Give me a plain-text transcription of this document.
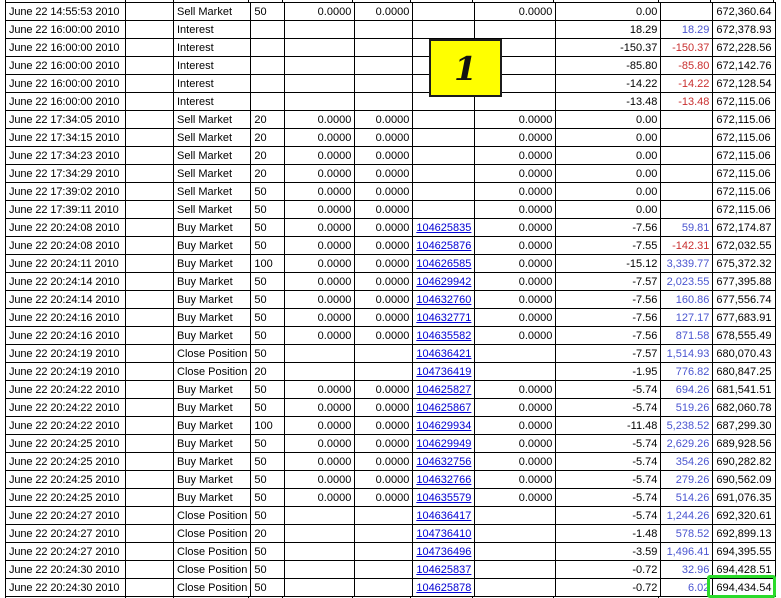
June 22 14:55:53 2010		Sell Market	50	0.0000	0.0000		0.0000	0.00		672,360.64
June 22 16:00:00 2010		Interest						18.29	18.29	672,378.93
June 22 16:00:00 2010		Interest						-150.37	-150.37	672,228.56
June 22 16:00:00 2010		Interest						-85.80	-85.80	672,142.76
June 22 16:00:00 2010		Interest						-14.22	-14.22	672,128.54
June 22 16:00:00 2010		Interest						-13.48	-13.48	672,115.06
June 22 17:34:05 2010		Sell Market	20	0.0000	0.0000		0.0000	0.00		672,115.06
June 22 17:34:15 2010		Sell Market	20	0.0000	0.0000		0.0000	0.00		672,115.06
June 22 17:34:23 2010		Sell Market	20	0.0000	0.0000		0.0000	0.00		672,115.06
June 22 17:34:29 2010		Sell Market	20	0.0000	0.0000		0.0000	0.00		672,115.06
June 22 17:39:02 2010		Sell Market	50	0.0000	0.0000		0.0000	0.00		672,115.06
June 22 17:39:11 2010		Sell Market	50	0.0000	0.0000		0.0000	0.00		672,115.06
June 22 20:24:08 2010		Buy Market	50	0.0000	0.0000	104625835	0.0000	-7.56	59.81	672,174.87
June 22 20:24:08 2010		Buy Market	50	0.0000	0.0000	104625876	0.0000	-7.55	-142.31	672,032.55
June 22 20:24:11 2010		Buy Market	100	0.0000	0.0000	104626585	0.0000	-15.12	3,339.77	675,372.32
June 22 20:24:14 2010		Buy Market	50	0.0000	0.0000	104629942	0.0000	-7.57	2,023.55	677,395.88
June 22 20:24:14 2010		Buy Market	50	0.0000	0.0000	104632760	0.0000	-7.56	160.86	677,556.74
June 22 20:24:16 2010		Buy Market	50	0.0000	0.0000	104632771	0.0000	-7.56	127.17	677,683.91
June 22 20:24:16 2010		Buy Market	50	0.0000	0.0000	104635582	0.0000	-7.56	871.58	678,555.49
June 22 20:24:19 2010		Close Position	50			104636421		-7.57	1,514.93	680,070.43
June 22 20:24:19 2010		Close Position	20			104736419		-1.95	776.82	680,847.25
June 22 20:24:22 2010		Buy Market	50	0.0000	0.0000	104625827	0.0000	-5.74	694.26	681,541.51
June 22 20:24:22 2010		Buy Market	50	0.0000	0.0000	104625867	0.0000	-5.74	519.26	682,060.78
June 22 20:24:22 2010		Buy Market	100	0.0000	0.0000	104629934	0.0000	-11.48	5,238.52	687,299.30
June 22 20:24:25 2010		Buy Market	50	0.0000	0.0000	104629949	0.0000	-5.74	2,629.26	689,928.56
June 22 20:24:25 2010		Buy Market	50	0.0000	0.0000	104632756	0.0000	-5.74	354.26	690,282.82
June 22 20:24:25 2010		Buy Market	50	0.0000	0.0000	104632766	0.0000	-5.74	279.26	690,562.09
June 22 20:24:25 2010		Buy Market	50	0.0000	0.0000	104635579	0.0000	-5.74	514.26	691,076.35
June 22 20:24:27 2010		Close Position	50			104636417		-5.74	1,244.26	692,320.61
June 22 20:24:27 2010		Close Position	20			104736410		-1.48	578.52	692,899.13
June 22 20:24:27 2010		Close Position	50			104736496		-3.59	1,496.41	694,395.55
June 22 20:24:30 2010		Close Position	50			104625837		-0.72	32.96	694,428.51
June 22 20:24:30 2010		Close Position	50			104625878		-0.72	6.02	694,434.54
1
